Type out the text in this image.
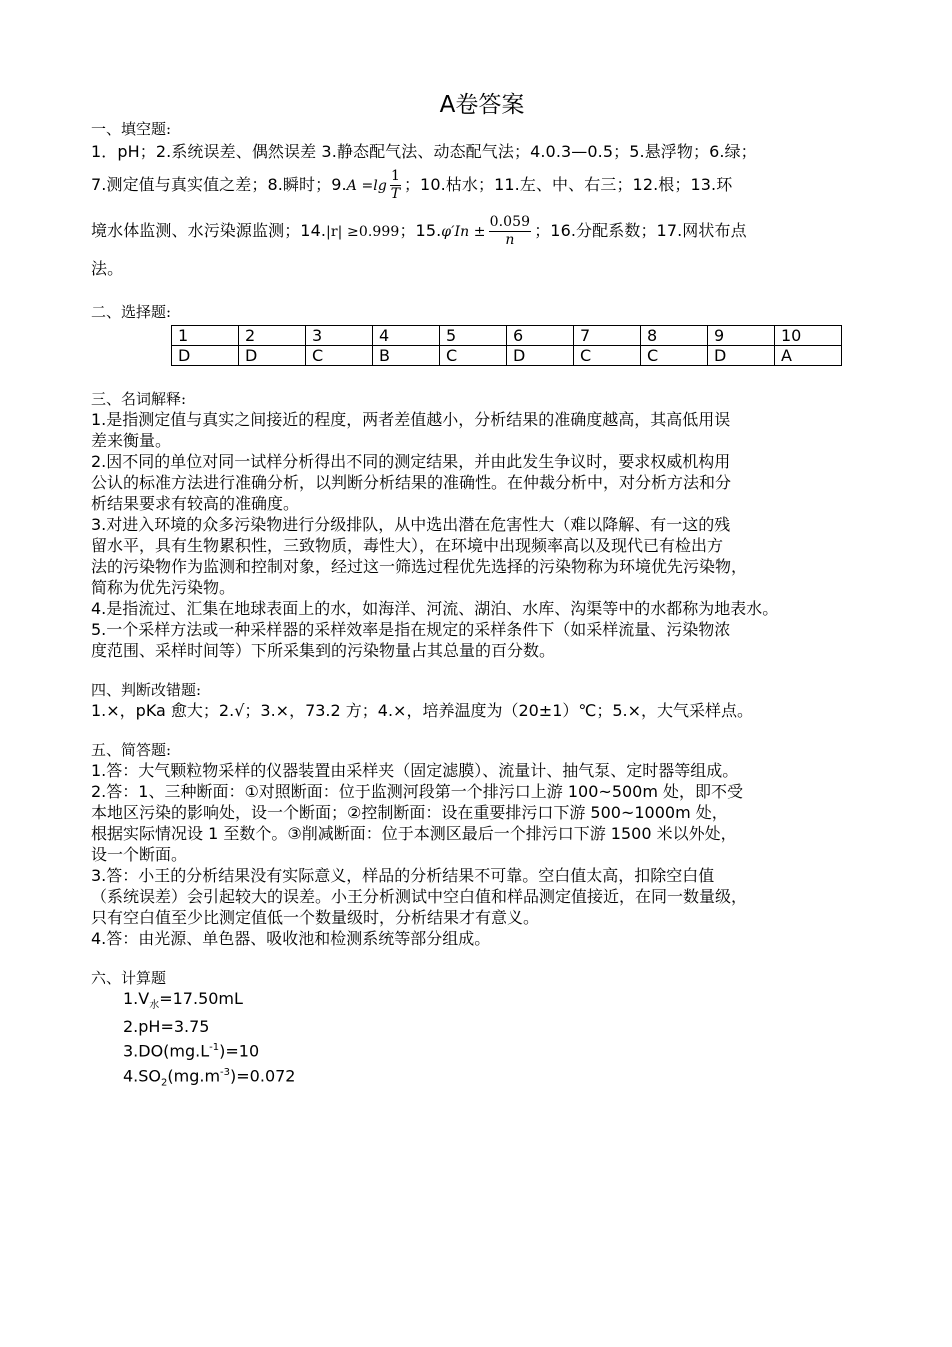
A卷答案

一、填空题:

1．pH；2.系统误差、偶然误差 3.静态配气法、动态配气法；4.0.3—0.5；5.悬浮物；6.绿；

7.测定值与真实值之差；8.瞬时；$9.A =\lg \frac{1}{T}$ ；10.枯水；11.左、中、右三；12.根；13.环

境水体监测、水污染源监测；14.|r| ≥0.999；$15.\varphi'In \pm \frac{0.059}{n}$ ；16.分配系数；17.网状布点

法。

二、选择题:

1	2	3	4	5	6	7	8	9	10
D	D	C	B	C	D	C	C	D	A

三、名词解释:

1.是指测定值与真实之间接近的程度，两者差值越小，分析结果的准确度越高，其高低用误

差来衡量。

2.因不同的单位对同一试样分析得出不同的测定结果，并由此发生争议时，要求权威机构用

公认的标准方法进行准确分析，以判断分析结果的准确性。在仲裁分析中，对分析方法和分

析结果要求有较高的准确度。

3.对进入环境的众多污染物进行分级排队，从中选出潜在危害性大（难以降解、有一这的残

留水平，具有生物累积性，三致物质，毒性大），在环境中出现频率高以及现代已有检出方

法的污染物作为监测和控制对象，经过这一筛选过程优先选择的污染物称为环境优先污染物，

简称为优先污染物。

4.是指流过、汇集在地球表面上的水，如海洋、河流、湖泊、水库、沟渠等中的水都称为地表水。

5.一个采样方法或一种采样器的采样效率是指在规定的采样条件下（如采样流量、污染物浓

度范围、采样时间等）下所采集到的污染物量占其总量的百分数。

四、判断改错题:

1.×，pKa 愈大；2.√；3.×，73.2 方；4.×，培养温度为（20±1）℃；5.×，大气采样点。

五、简答题:

1.答：大气颗粒物采样的仪器装置由采样夹（固定滤膜）、流量计、抽气泵、定时器等组成。

2.答：1、三种断面：①对照断面：位于监测河段第一个排污口上游 100~500m 处，即不受

本地区污染的影响处，设一个断面；②控制断面：设在重要排污口下游 500~1000m 处，

根据实际情况设 1 至数个。③削减断面：位于本测区最后一个排污口下游 1500 米以外处，

设一个断面。

3.答：小王的分析结果没有实际意义，样品的分析结果不可靠。空白值太高，扣除空白值

（系统误差）会引起较大的误差。小王分析测试中空白值和样品测定值接近，在同一数量级，

只有空白值至少比测定值低一个数量级时，分析结果才有意义。

4.答：由光源、单色器、吸收池和检测系统等部分组成。

六、计算题

$1.V_水=17.50mL$

2.pH=3.75

$3.DO(mg.L^{-1})=10$

$4.SO_2(mg.m^{-3})=0.072$
